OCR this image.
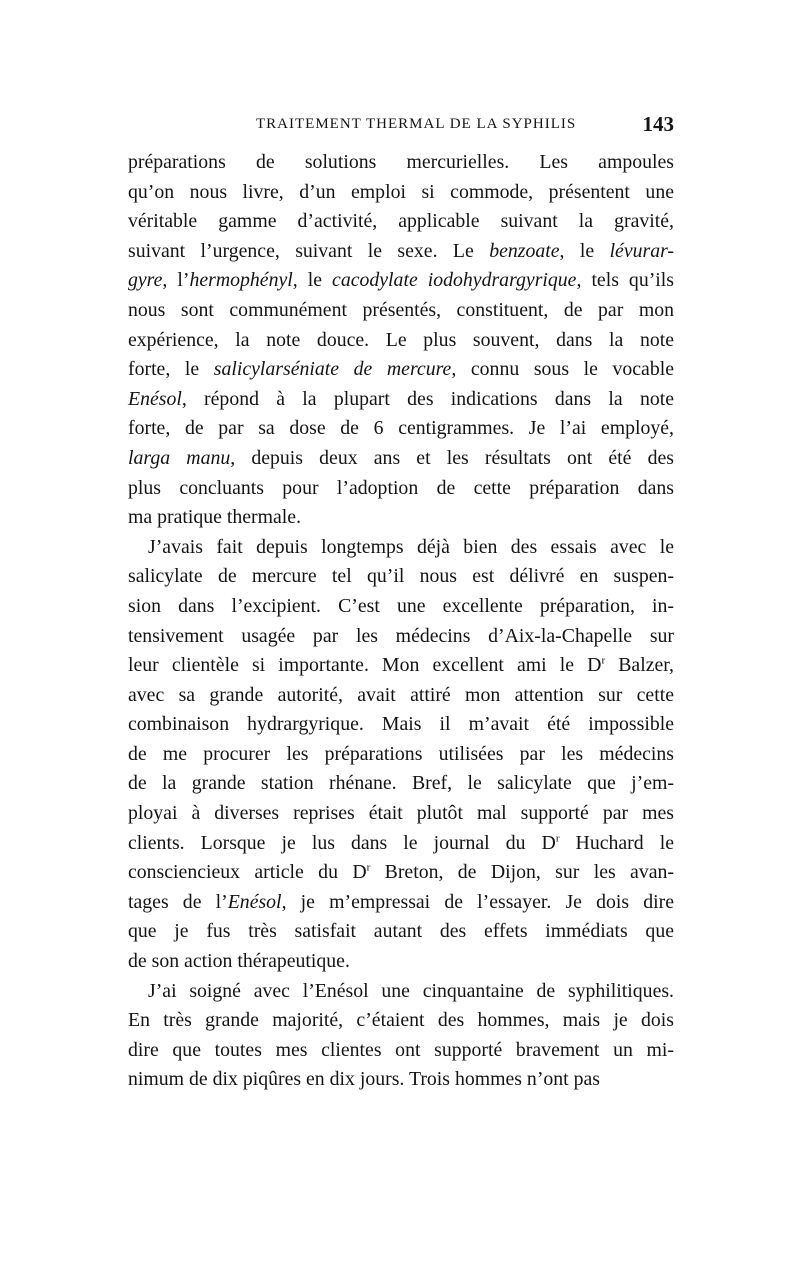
TRAITEMENT THERMAL DE LA SYPHILIS	143
préparations de solutions mercurielles. Les ampoules
qu’on nous livre, d’un emploi si commode, présentent une
véritable gamme d’activité, applicable suivant la gravité,
suivant l’urgence, suivant le sexe. Le benzoate, le lévurar-
gyre, l’hermophényl, le cacodylate iodohydrargyrique, tels qu’ils
nous sont communément présentés, constituent, de par mon
expérience, la note douce. Le plus souvent, dans la note
forte, le salicylarséniate de mercure, connu sous le vocable
Enésol, répond à la plupart des indications dans la note
forte, de par sa dose de 6 centigrammes. Je l’ai employé,
larga manu, depuis deux ans et les résultats ont été des
plus concluants pour l’adoption de cette préparation dans
ma pratique thermale.
J’avais fait depuis longtemps déjà bien des essais avec le
salicylate de mercure tel qu’il nous est délivré en suspen-
sion dans l’excipient. C’est une excellente préparation, in-
tensivement usagée par les médecins d’Aix-la-Chapelle sur
leur clientèle si importante. Mon excellent ami le $D^r$ Balzer,
avec sa grande autorité, avait attiré mon attention sur cette
combinaison hydrargyrique. Mais il m’avait été impossible
de me procurer les préparations utilisées par les médecins
de la grande station rhénane. Bref, le salicylate que j’em-
ployai à diverses reprises était plutôt mal supporté par mes
clients. Lorsque je lus dans le journal du $D^r$ Huchard le
consciencieux article du $D^r$ Breton, de Dijon, sur les avan-
tages de l’Enésol, je m’empressai de l’essayer. Je dois dire
que je fus très satisfait autant des effets immédiats que
de son action thérapeutique.
J’ai soigné avec l’Enésol une cinquantaine de syphilitiques.
En très grande majorité, c’étaient des hommes, mais je dois
dire que toutes mes clientes ont supporté bravement un mi-
nimum de dix piqûres en dix jours. Trois hommes n’ont pas
